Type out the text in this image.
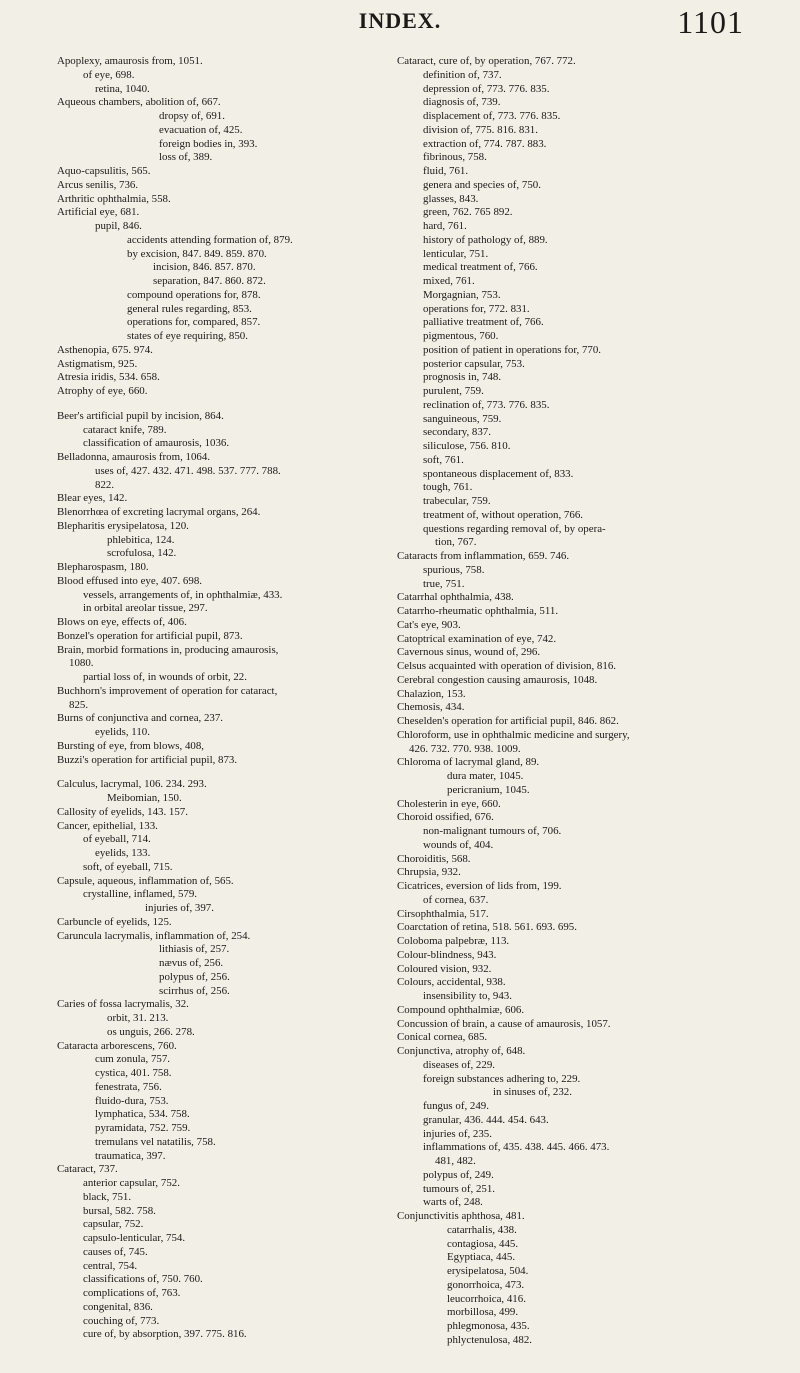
INDEX.	1101
Apoplexy, amaurosis from, 1051.
of eye, 698.
retina, 1040.
Aqueous chambers, abolition of, 667.
dropsy of, 691.
evacuation of, 425.
foreign bodies in, 393.
loss of, 389.
Aquo-capsulitis, 565.
Arcus senilis, 736.
Arthritic ophthalmia, 558.
Artificial eye, 681.
pupil, 846.
accidents attending formation of, 879.
by excision, 847. 849. 859. 870.
incision, 846. 857. 870.
separation, 847. 860. 872.
compound operations for, 878.
general rules regarding, 853.
operations for, compared, 857.
states of eye requiring, 850.
Asthenopia, 675. 974.
Astigmatism, 925.
Atresia iridis, 534. 658.
Atrophy of eye, 660.
Beer's artificial pupil by incision, 864.
cataract knife, 789.
classification of amaurosis, 1036.
Belladonna, amaurosis from, 1064.
uses of, 427. 432. 471. 498. 537. 777. 788.
822.
Blear eyes, 142.
Blenorrhœa of excreting lacrymal organs, 264.
Blepharitis erysipelatosa, 120.
phlebitica, 124.
scrofulosa, 142.
Blepharospasm, 180.
Blood effused into eye, 407. 698.
vessels, arrangements of, in ophthalmiæ, 433.
in orbital areolar tissue, 297.
Blows on eye, effects of, 406.
Bonzel's operation for artificial pupil, 873.
Brain, morbid formations in, producing amaurosis,
1080.
partial loss of, in wounds of orbit, 22.
Buchhorn's improvement of operation for cataract,
825.
Burns of conjunctiva and cornea, 237.
eyelids, 110.
Bursting of eye, from blows, 408,
Buzzi's operation for artificial pupil, 873.
Calculus, lacrymal, 106. 234. 293.
Meibomian, 150.
Callosity of eyelids, 143. 157.
Cancer, epithelial, 133.
of eyeball, 714.
eyelids, 133.
soft, of eyeball, 715.
Capsule, aqueous, inflammation of, 565.
crystalline, inflamed, 579.
injuries of, 397.
Carbuncle of eyelids, 125.
Caruncula lacrymalis, inflammation of, 254.
lithiasis of, 257.
nævus of, 256.
polypus of, 256.
scirrhus of, 256.
Caries of fossa lacrymalis, 32.
orbit, 31. 213.
os unguis, 266. 278.
Cataracta arborescens, 760.
cum zonula, 757.
cystica, 401. 758.
fenestrata, 756.
fluido-dura, 753.
lymphatica, 534. 758.
pyramidata, 752. 759.
tremulans vel natatilis, 758.
traumatica, 397.
Cataract, 737.
anterior capsular, 752.
black, 751.
bursal, 582. 758.
capsular, 752.
capsulo-lenticular, 754.
causes of, 745.
central, 754.
classifications of, 750. 760.
complications of, 763.
congenital, 836.
couching of, 773.
cure of, by absorption, 397. 775. 816.
Cataract, cure of, by operation, 767. 772.
definition of, 737.
depression of, 773. 776. 835.
diagnosis of, 739.
displacement of, 773. 776. 835.
division of, 775. 816. 831.
extraction of, 774. 787. 883.
fibrinous, 758.
fluid, 761.
genera and species of, 750.
glasses, 843.
green, 762. 765 892.
hard, 761.
history of pathology of, 889.
lenticular, 751.
medical treatment of, 766.
mixed, 761.
Morgagnian, 753.
operations for, 772. 831.
palliative treatment of, 766.
pigmentous, 760.
position of patient in operations for, 770.
posterior capsular, 753.
prognosis in, 748.
purulent, 759.
reclination of, 773. 776. 835.
sanguineous, 759.
secondary, 837.
siliculose, 756. 810.
soft, 761.
spontaneous displacement of, 833.
tough, 761.
trabecular, 759.
treatment of, without operation, 766.
questions regarding removal of, by opera-
tion, 767.
Cataracts from inflammation, 659. 746.
spurious, 758.
true, 751.
Catarrhal ophthalmia, 438.
Catarrho-rheumatic ophthalmia, 511.
Cat's eye, 903.
Catoptrical examination of eye, 742.
Cavernous sinus, wound of, 296.
Celsus acquainted with operation of division, 816.
Cerebral congestion causing amaurosis, 1048.
Chalazion, 153.
Chemosis, 434.
Cheselden's operation for artificial pupil, 846. 862.
Chloroform, use in ophthalmic medicine and surgery,
426. 732. 770. 938. 1009.
Chloroma of lacrymal gland, 89.
dura mater, 1045.
pericranium, 1045.
Cholesterin in eye, 660.
Choroid ossified, 676.
non-malignant tumours of, 706.
wounds of, 404.
Choroiditis, 568.
Chrupsia, 932.
Cicatrices, eversion of lids from, 199.
of cornea, 637.
Cirsophthalmia, 517.
Coarctation of retina, 518. 561. 693. 695.
Coloboma palpebræ, 113.
Colour-blindness, 943.
Coloured vision, 932.
Colours, accidental, 938.
insensibility to, 943.
Compound ophthalmiæ, 606.
Concussion of brain, a cause of amaurosis, 1057.
Conical cornea, 685.
Conjunctiva, atrophy of, 648.
diseases of, 229.
foreign substances adhering to, 229.
in sinuses of, 232.
fungus of, 249.
granular, 436. 444. 454. 643.
injuries of, 235.
inflammations of, 435. 438. 445. 466. 473.
481, 482.
polypus of, 249.
tumours of, 251.
warts of, 248.
Conjunctivitis aphthosa, 481.
catarrhalis, 438.
contagiosa, 445.
Egyptiaca, 445.
erysipelatosa, 504.
gonorrhoica, 473.
leucorrhoica, 416.
morbillosa, 499.
phlegmonosa, 435.
phlyctenulosa, 482.
